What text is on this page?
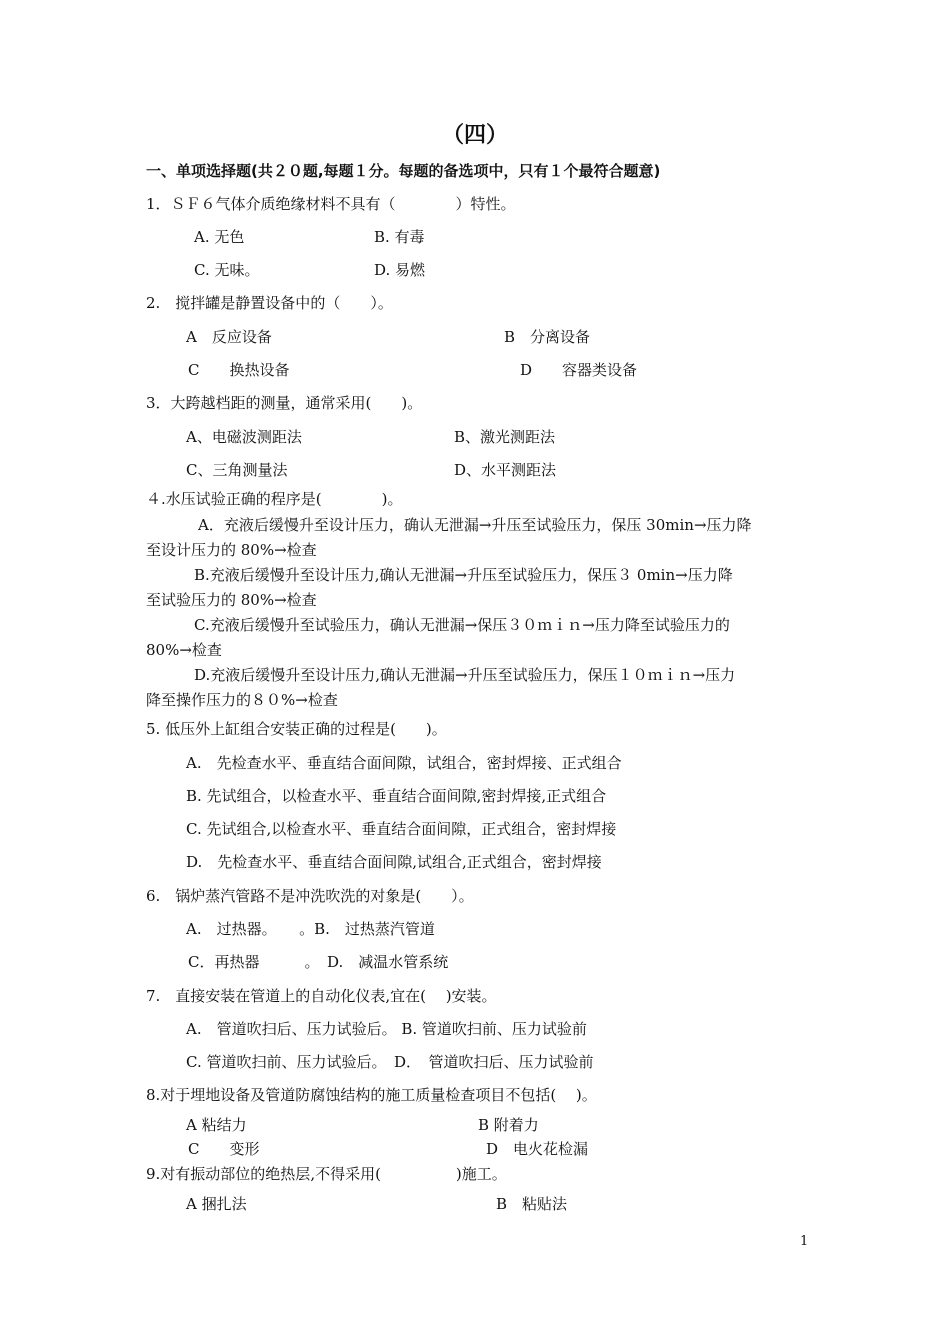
（四）
一、单项选择题(共２０题,每题１分。每题的备选项中，只有１个最符合题意)
1．ＳＦ６气体介质绝缘材料不具有（　　　　）特性。
A. 无色	B. 有毒
C. 无味。	D. 易燃
2.　搅拌罐是静置设备中的（　　）。
A　反应设备	B　分离设备
C　　换热设备	D　　容器类设备
3．大跨越档距的测量，通常采用(　　)。
A、电磁波测距法	B、激光测距法
C、三角测量法	D、水平测距法
４.水压试验正确的程序是(　　　　)。
A．充液后缓慢升至设计压力，确认无泄漏→升压至试验压力，保压 30min→压力降
至设计压力的 80%→检查
B.充液后缓慢升至设计压力,确认无泄漏→升压至试验压力，保压３ 0min→压力降
至试验压力的 80%→检查
C.充液后缓慢升至试验压力，确认无泄漏→保压３０ｍｉｎ→压力降至试验压力的
80%→检查
D.充液后缓慢升至设计压力,确认无泄漏→升压至试验压力，保压１０ｍｉｎ→压力
降至操作压力的８０%→检查
5. 低压外上缸组合安装正确的过程是(　　)。
A.　先检查水平、垂直结合面间隙，试组合，密封焊接、正式组合
B. 先试组合，以检查水平、垂直结合面间隙,密封焊接,正式组合
C. 先试组合,以检查水平、垂直结合面间隙，正式组合，密封焊接
D.　先检查水平、垂直结合面间隙,试组合,正式组合，密封焊接
6.　锅炉蒸汽管路不是冲洗吹洗的对象是(　　）。
A.　过热器。　　。B.　过热蒸汽管道
C．再热器　　　。　D.　减温水管系统
7.　直接安装在管道上的自动化仪表,宜在(　 )安装。
A.　管道吹扫后、压力试验后。 B. 管道吹扫前、压力试验前
C. 管道吹扫前、压力试验后。　D．　管道吹扫后、压力试验前
8.对于埋地设备及管道防腐蚀结构的施工质量检查项目不包括(　 )。
A 粘结力	B 附着力
C　　变形	D　电火花检漏
9.对有振动部位的绝热层,不得采用(　　　　　)施工。
A 捆扎法	B　粘贴法
1
